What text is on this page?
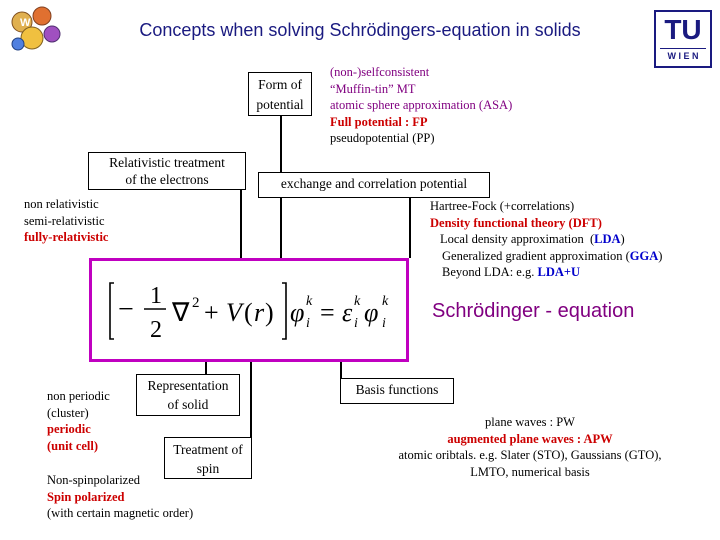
W	TU
W I E N
Concepts when solving Schrödingers-equation in solids
Form of
potential
(non-)selfconsistent
“Muffin-tin” MT
atomic sphere approximation (ASA)
Full potential : FP
pseudopotential (PP)
Relativistic treatment
of the electrons
non relativistic
semi-relativistic
fully-relativistic
exchange and correlation potential
Hartree-Fock (+correlations)
Density functional theory (DFT)
Local density approximation  (LDA)
Generalized gradient approximation (GGA)
Beyond LDA: e.g. LDA+U
− 1
2
∇ 2 + V ( r ) φ k
i = ε k
i φ k
i
Schrödinger - equation
Representation
of solid
non periodic
(cluster)
periodic
(unit cell)	Treatment of
spin
Non-spinpolarized
Spin polarized
(with certain magnetic order)
Basis functions
plane waves : PW
augmented plane waves : APW
atomic oribtals. e.g. Slater (STO), Gaussians (GTO),
LMTO, numerical basis
